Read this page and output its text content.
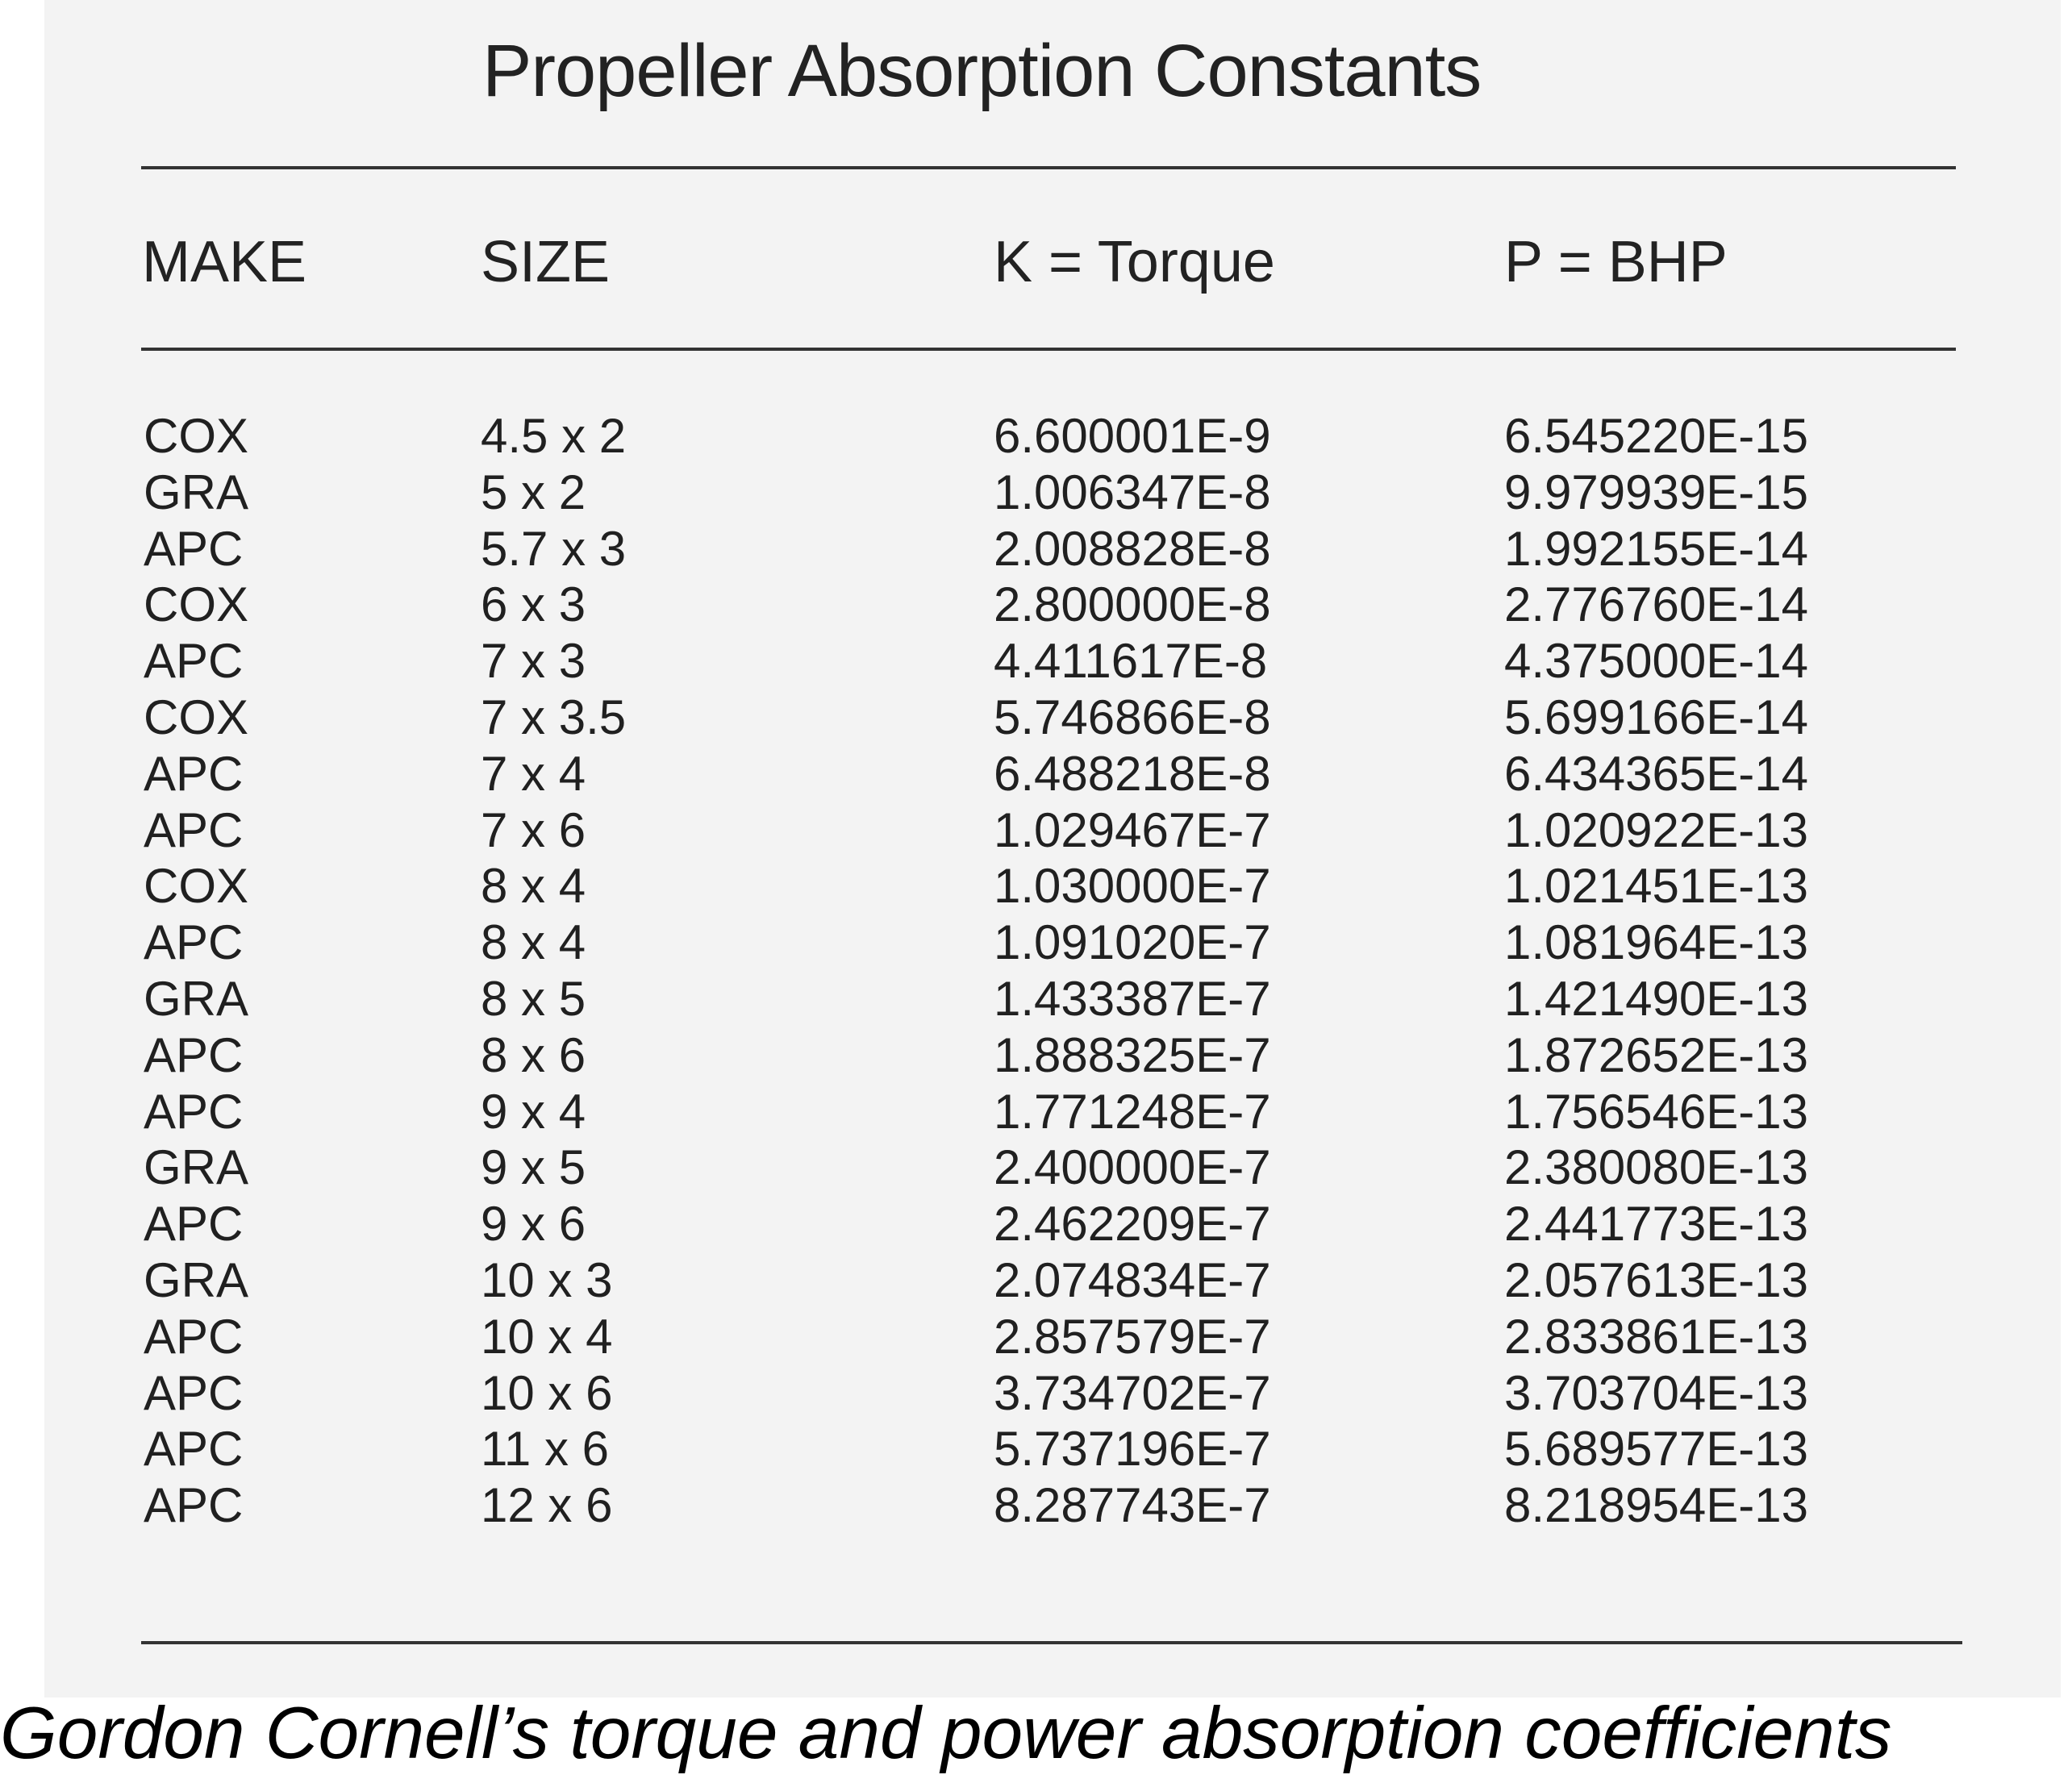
Propeller Absorption Constants
MAKE	SIZE	K = Torque	P = BHP
COX	4.5 x 2	6.600001E-9	6.545220E-15
GRA	5 x 2	1.006347E-8	9.979939E-15
APC	5.7 x 3	2.008828E-8	1.992155E-14
COX	6 x 3	2.800000E-8	2.776760E-14
APC	7 x 3	4.411617E-8	4.375000E-14
COX	7 x 3.5	5.746866E-8	5.699166E-14
APC	7 x 4	6.488218E-8	6.434365E-14
APC	7 x 6	1.029467E-7	1.020922E-13
COX	8 x 4	1.030000E-7	1.021451E-13
APC	8 x 4	1.091020E-7	1.081964E-13
GRA	8 x 5	1.433387E-7	1.421490E-13
APC	8 x 6	1.888325E-7	1.872652E-13
APC	9 x 4	1.771248E-7	1.756546E-13
GRA	9 x 5	2.400000E-7	2.380080E-13
APC	9 x 6	2.462209E-7	2.441773E-13
GRA	10 x 3	2.074834E-7	2.057613E-13
APC	10 x 4	2.857579E-7	2.833861E-13
APC	10 x 6	3.734702E-7	3.703704E-13
APC	11 x 6	5.737196E-7	5.689577E-13
APC	12 x 6	8.287743E-7	8.218954E-13
Gordon Cornell’s torque and power absorption coefficients
